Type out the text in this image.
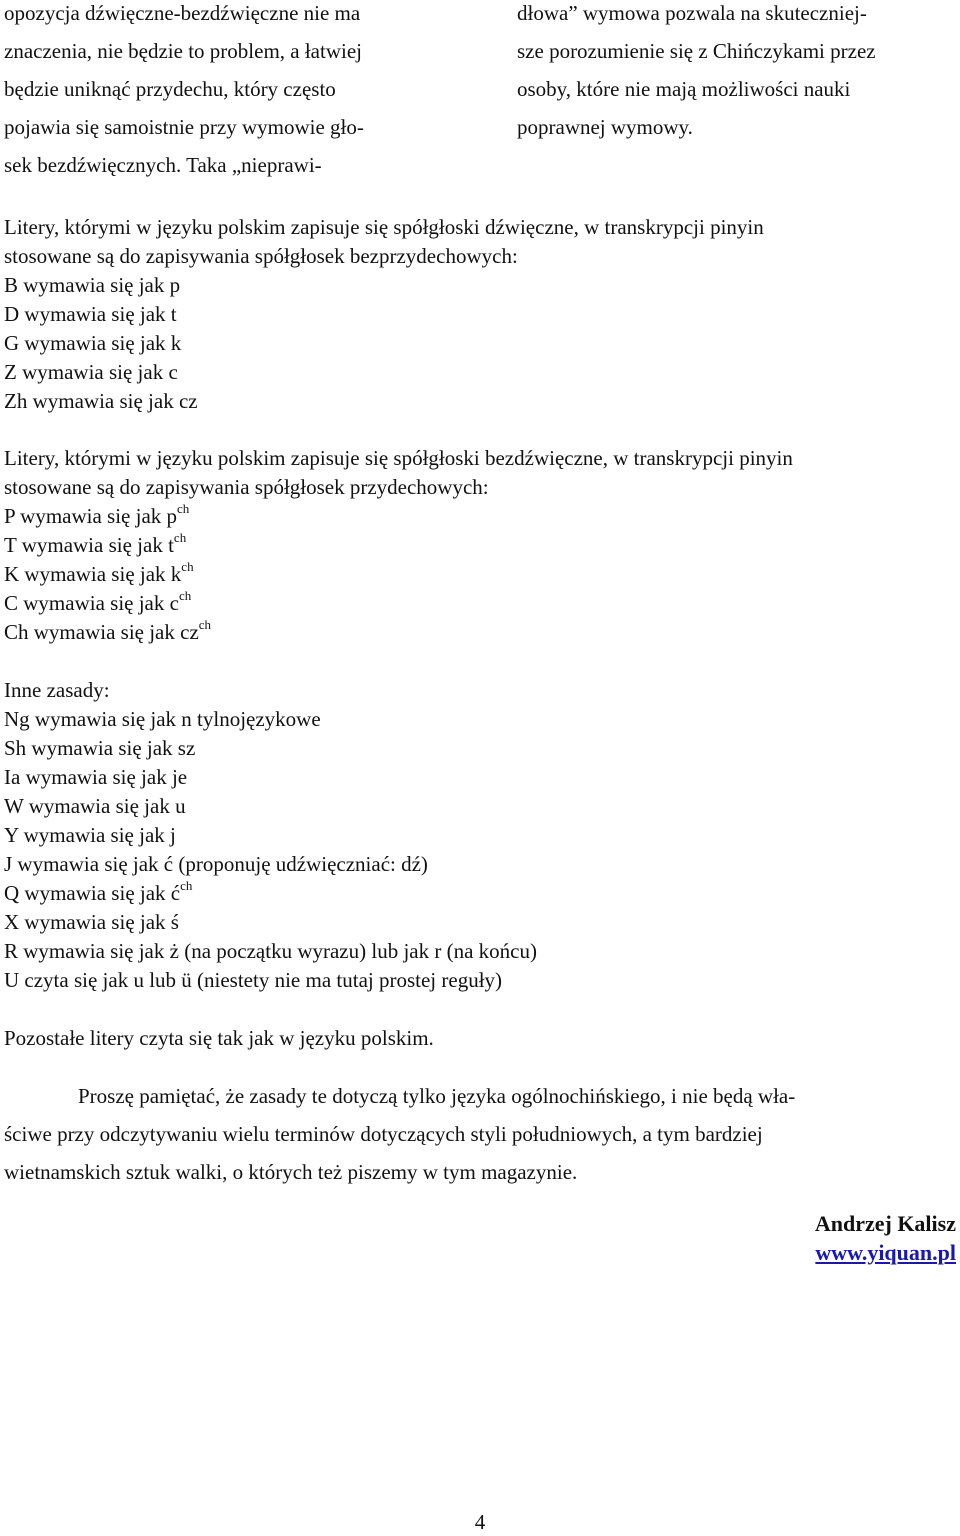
opozycja dźwięczne-bezdźwięczne nie ma
znaczenia, nie będzie to problem, a łatwiej
będzie uniknąć przydechu, który często
pojawia się samoistnie przy wymowie gło-
sek bezdźwięcznych. Taka „nieprawi-
dłowa” wymowa pozwala na skuteczniej-
sze porozumienie się z Chińczykami przez
osoby, które nie mają możliwości nauki
poprawnej wymowy.
Litery, którymi w języku polskim zapisuje się spółgłoski dźwięczne, w transkrypcji pinyin
stosowane są do zapisywania spółgłosek bezprzydechowych:
B wymawia się jak p
D wymawia się jak t
G wymawia się jak k
Z wymawia się jak c
Zh wymawia się jak cz
Litery, którymi w języku polskim zapisuje się spółgłoski bezdźwięczne, w transkrypcji pinyin
stosowane są do zapisywania spółgłosek przydechowych:
P wymawia się jak $p^{ch}$
T wymawia się jak $t^{ch}$
K wymawia się jak $k^{ch}$
C wymawia się jak $c^{ch}$
Ch wymawia się jak $cz^{ch}$
Inne zasady:
Ng wymawia się jak n tylnojęzykowe
Sh wymawia się jak sz
Ia wymawia się jak je
W wymawia się jak u
Y wymawia się jak j
J wymawia się jak ć (proponuję udźwięczniać: dź)
Q wymawia się jak $ć^{ch}$
X wymawia się jak ś
R wymawia się jak ż (na początku wyrazu) lub jak r (na końcu)
U czyta się jak u lub ü (niestety nie ma tutaj prostej reguły)
Pozostałe litery czyta się tak jak w języku polskim.
Proszę pamiętać, że zasady te dotyczą tylko języka ogólnochińskiego, i nie będą wła-
ściwe przy odczytywaniu wielu terminów dotyczących styli południowych, a tym bardziej
wietnamskich sztuk walki, o których też piszemy w tym magazynie.
Andrzej Kalisz
www.yiquan.pl
4
